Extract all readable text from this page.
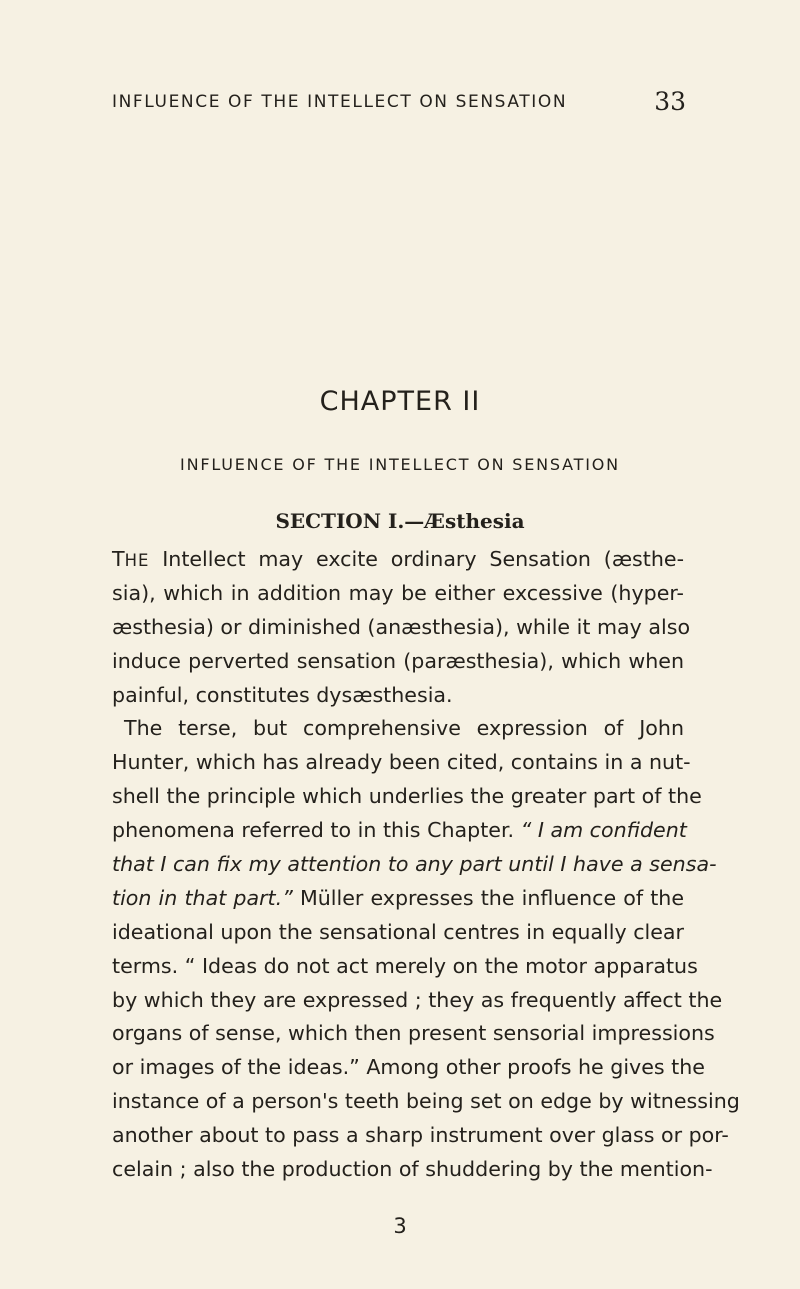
INFLUENCE OF THE INTELLECT ON SENSATION	33
CHAPTER II
INFLUENCE OF THE INTELLECT ON SENSATION
SECTION I.—Æsthesia
THE Intellect may excite ordinary Sensation (æsthe-
sia), which in addition may be either excessive (hyper-
æsthesia) or diminished (anæsthesia), while it may also
induce perverted sensation (paræsthesia), which when
painful, constitutes dysæsthesia.
The terse, but comprehensive expression of John
Hunter, which has already been cited, contains in a nut-
shell the principle which underlies the greater part of the
phenomena referred to in this Chapter. “ I am confident
that I can fix my attention to any part until I have a sensa-
tion in that part.” Müller expresses the influence of the
ideational upon the sensational centres in equally clear
terms. “ Ideas do not act merely on the motor apparatus
by which they are expressed ; they as frequently affect the
organs of sense, which then present sensorial impressions
or images of the ideas.” Among other proofs he gives the
instance of a person's teeth being set on edge by witnessing
another about to pass a sharp instrument over glass or por-
celain ; also the production of shuddering by the mention-
3
